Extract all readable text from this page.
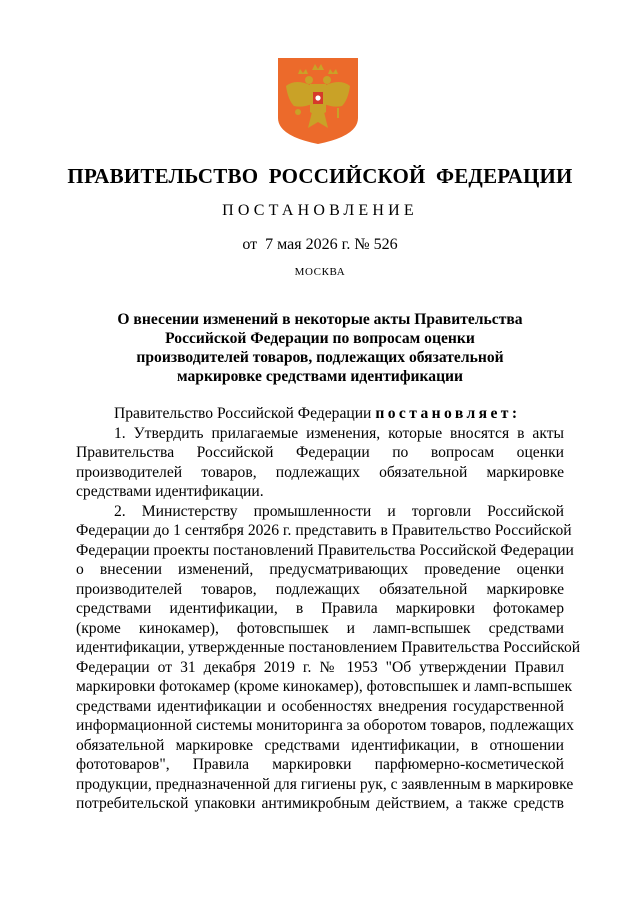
ПРАВИТЕЛЬСТВО РОССИЙСКОЙ ФЕДЕРАЦИИ
ПОСТАНОВЛЕНИЕ
от  7 мая 2026 г. № 526
МОСКВА
О внесении изменений в некоторые акты Правительства
Российской Федерации по вопросам оценки
производителей товаров, подлежащих обязательной
маркировке средствами идентификации
Правительство Российской Федерации постановляет:
1. Утвердить прилагаемые изменения, которые вносятся в акты
Правительства Российской Федерации по вопросам оценки
производителей товаров, подлежащих обязательной маркировке
средствами идентификации.
2. Министерству промышленности и торговли Российской
Федерации до 1 сентября 2026 г. представить в Правительство Российской
Федерации проекты постановлений Правительства Российской Федерации
о внесении изменений, предусматривающих проведение оценки
производителей товаров, подлежащих обязательной маркировке
средствами идентификации, в Правила маркировки фотокамер
(кроме кинокамер), фотовспышек и ламп-вспышек средствами
идентификации, утвержденные постановлением Правительства Российской
Федерации от 31 декабря 2019 г. № 1953 "Об утверждении Правил
маркировки фотокамер (кроме кинокамер), фотовспышек и ламп-вспышек
средствами идентификации и особенностях внедрения государственной
информационной системы мониторинга за оборотом товаров, подлежащих
обязательной маркировке средствами идентификации, в отношении
фототоваров", Правила маркировки парфюмерно-косметической
продукции, предназначенной для гигиены рук, с заявленным в маркировке
потребительской упаковки антимикробным действием, а также средств
